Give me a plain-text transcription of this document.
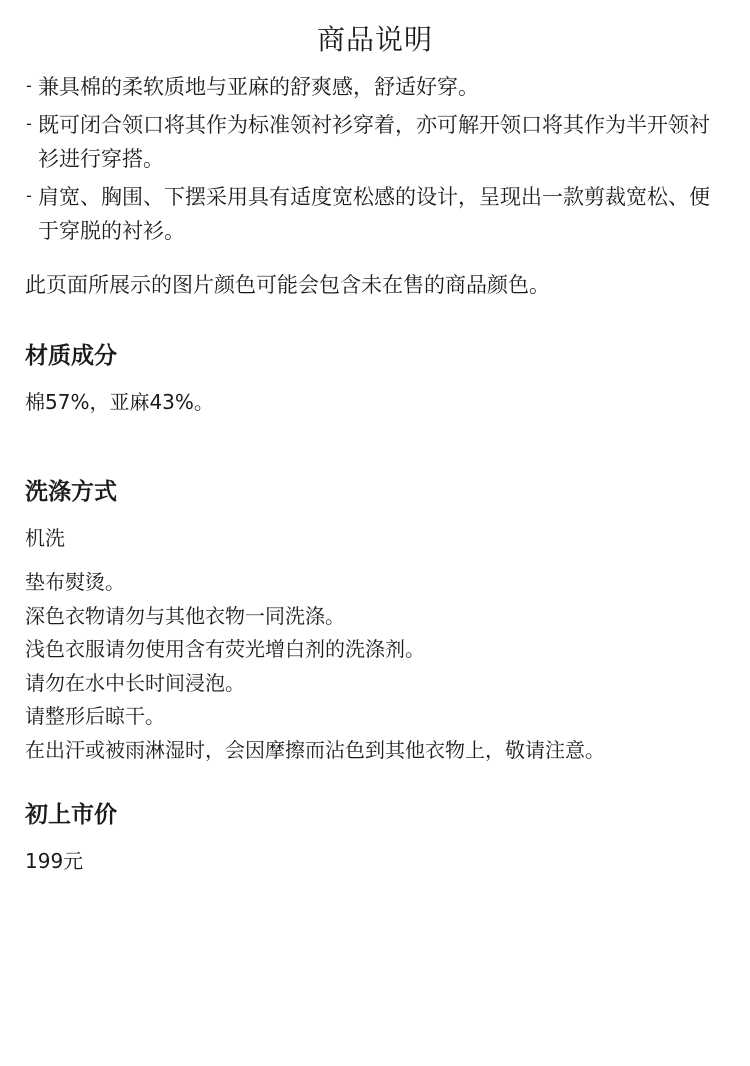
商品说明
- 兼具棉的柔软质地与亚麻的舒爽感，舒适好穿。
- 既可闭合领口将其作为标准领衬衫穿着，亦可解开领口将其作为半开领衬衫进行穿搭。
- 肩宽、胸围、下摆采用具有适度宽松感的设计，呈现出一款剪裁宽松、便于穿脱的衬衫。

此页面所展示的图片颜色可能会包含未在售的商品颜色。

材质成分

棉57%，亚麻43%。

洗涤方式

机洗

垫布熨烫。
深色衣物请勿与其他衣物一同洗涤。
浅色衣服请勿使用含有荧光增白剂的洗涤剂。
请勿在水中长时间浸泡。
请整形后晾干。
在出汗或被雨淋湿时，会因摩擦而沾色到其他衣物上，敬请注意。
初上市价

199元
